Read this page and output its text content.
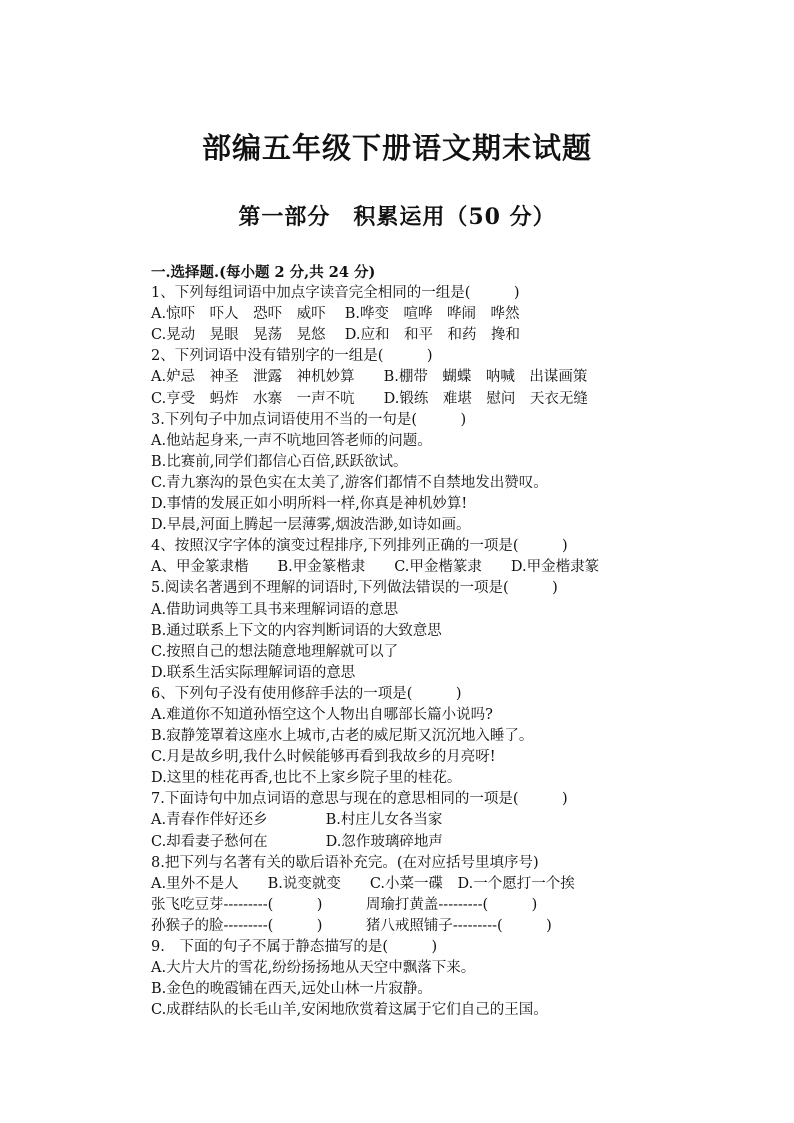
部编五年级下册语文期末试题
第一部分　积累运用（50 分）
一.选择题.(每小题 2 分,共 24 分)
1、下列每组词语中加点字读音完全相同的一组是(　　　)
A.惊吓　吓人　恐吓　威吓　 B.哗变　喧哗　哗闹　哗然
C.晃动　晃眼　晃荡　晃悠　 D.应和　和平　和药　搀和
2、下列词语中没有错别字的一组是(　　　)
A.妒忌　神圣　泄露　神机妙算　　B.棚带　蝴蝶　呐喊　出谋画策
C.亨受　蚂炸　水寨　一声不吭　　D.锻练　难堪　慰问　天衣无缝
3.下列句子中加点词语使用不当的一句是(　　　)
A.他站起身来,一声不吭地回答老师的问题。
B.比赛前,同学们都信心百倍,跃跃欲试。
C.青九寨沟的景色实在太美了,游客们都情不自禁地发出赞叹。
D.事情的发展正如小明所料一样,你真是神机妙算!
D.早晨,河面上腾起一层薄雾,烟波浩渺,如诗如画。
4、按照汉字字体的演变过程排序,下列排列正确的一项是(　　　)
A、甲金篆隶楷　　B.甲金篆楷隶　　C.甲金楷篆隶　　D.甲金楷隶篆
5.阅读名著遇到不理解的词语时,下列做法错误的一项是(　　　)
A.借助词典等工具书来理解词语的意思
B.通过联系上下文的内容判断词语的大致意思
C.按照自己的想法随意地理解就可以了
D.联系生活实际理解词语的意思
6、下列句子没有使用修辞手法的一项是(　　　)
A.难道你不知道孙悟空这个人物出自哪部长篇小说吗?
B.寂静笼罩着这座水上城市,古老的威尼斯又沉沉地入睡了。
C.月是故乡明,我什么时候能够再看到我故乡的月亮呀!
D.这里的桂花再香,也比不上家乡院子里的桂花。
7.下面诗句中加点词语的意思与现在的意思相同的一项是(　　　)
A.青春作伴好还乡　　　　B.村庄儿女各当家
C.却看妻子愁何在　　　　D.忽作玻璃碎地声
8.把下列与名著有关的歇后语补充完。(在对应括号里填序号)
A.里外不是人　　B.说变就变　　C.小菜一碟　D.一个愿打一个挨
张飞吃豆芽---------(　　　)　　　周瑜打黄盖---------(　　　)
孙猴子的脸---------(　　　)　　　猪八戒照铺子---------(　　　)
9.　下面的句子不属于静态描写的是(　　　)
A.大片大片的雪花,纷纷扬扬地从天空中飘落下来。
B.金色的晚霞铺在西天,远处山林一片寂静。
C.成群结队的长毛山羊,安闲地欣赏着这属于它们自己的王国。
